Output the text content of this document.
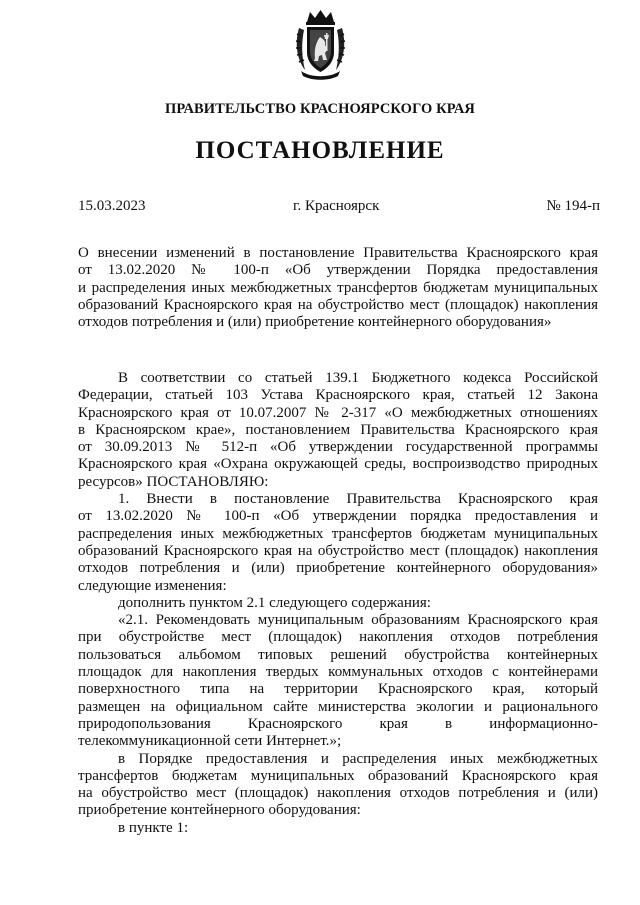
ПРАВИТЕЛЬСТВО КРАСНОЯРСКОГО КРАЯ
ПОСТАНОВЛЕНИЕ
15.03.2023	г. Красноярск	№ 194-п
О внесении изменений в постановление Правительства Красноярского края
от 13.02.2020 № 100-п «Об утверждении Порядка предоставления
и распределения иных межбюджетных трансфертов бюджетам муниципальных
образований Красноярского края на обустройство мест (площадок) накопления
отходов потребления и (или) приобретение контейнерного оборудования»
В соответствии со статьей 139.1 Бюджетного кодекса Российской
Федерации, статьей 103 Устава Красноярского края, статьей 12 Закона
Красноярского края от 10.07.2007 № 2-317 «О межбюджетных отношениях
в Красноярском крае», постановлением Правительства Красноярского края
от 30.09.2013 № 512-п «Об утверждении государственной программы
Красноярского края «Охрана окружающей среды, воспроизводство природных
ресурсов» ПОСТАНОВЛЯЮ:
1. Внести в постановление Правительства Красноярского края
от 13.02.2020 № 100-п «Об утверждении порядка предоставления и
распределения иных межбюджетных трансфертов бюджетам муниципальных
образований Красноярского края на обустройство мест (площадок) накопления
отходов потребления и (или) приобретение контейнерного оборудования»
следующие изменения:
дополнить пунктом 2.1 следующего содержания:
«2.1. Рекомендовать муниципальным образованиям Красноярского края
при обустройстве мест (площадок) накопления отходов потребления
пользоваться альбомом типовых решений обустройства контейнерных
площадок для накопления твердых коммунальных отходов с контейнерами
поверхностного типа на территории Красноярского края, который
размещен на официальном сайте министерства экологии и рационального
природопользования Красноярского края в информационно-
телекоммуникационной сети Интернет.»;
в Порядке предоставления и распределения иных межбюджетных
трансфертов бюджетам муниципальных образований Красноярского края
на обустройство мест (площадок) накопления отходов потребления и (или)
приобретение контейнерного оборудования:
в пункте 1:
